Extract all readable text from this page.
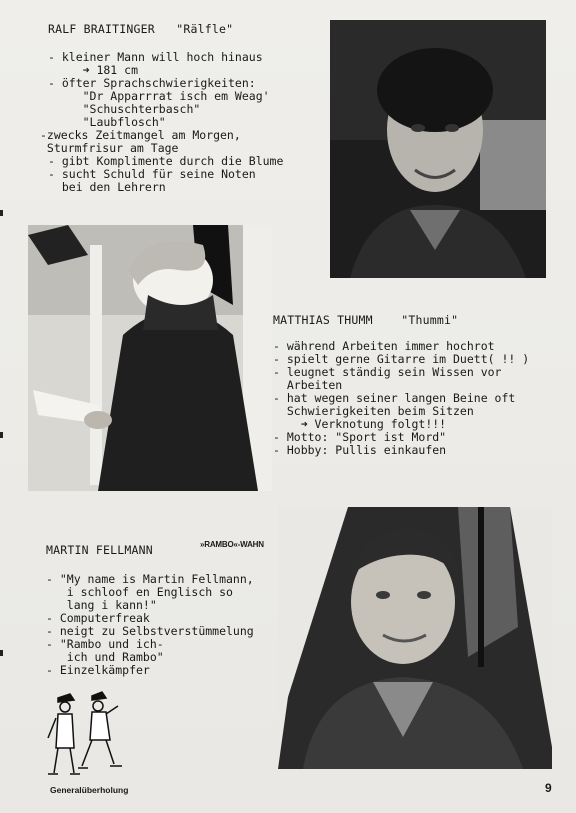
RALF BRAITINGER "Rälfle"
- kleiner Mann will hoch hinaus
➜ 181 cm
- öfter Sprachschwierigkeiten:
"Dr Apparrrat isch em Weag'
"Schuschterbasch"
"Laubflosch"
-zwecks Zeitmangel am Morgen,
Sturmfrisur am Tage
- gibt Komplimente durch die Blume
- sucht Schuld für seine Noten
bei den Lehrern
MATTHIAS THUMM "Thummi"
- während Arbeiten immer hochrot
- spielt gerne Gitarre im Duett( !! )
- leugnet ständig sein Wissen vor
Arbeiten
- hat wegen seiner langen Beine oft
Schwierigkeiten beim Sitzen
➜ Verknotung folgt!!!
- Motto: "Sport ist Mord"
- Hobby: Pullis einkaufen
MARTIN FELLMANN
- "My name is Martin Fellmann,
i schloof en Englisch so
lang i kann!"
- Computerfreak
- neigt zu Selbstverstümmelung
- "Rambo und ich-
ich und Rambo"
- Einzelkämpfer
»RAMBO«-WAHN
Generalüberholung	9
